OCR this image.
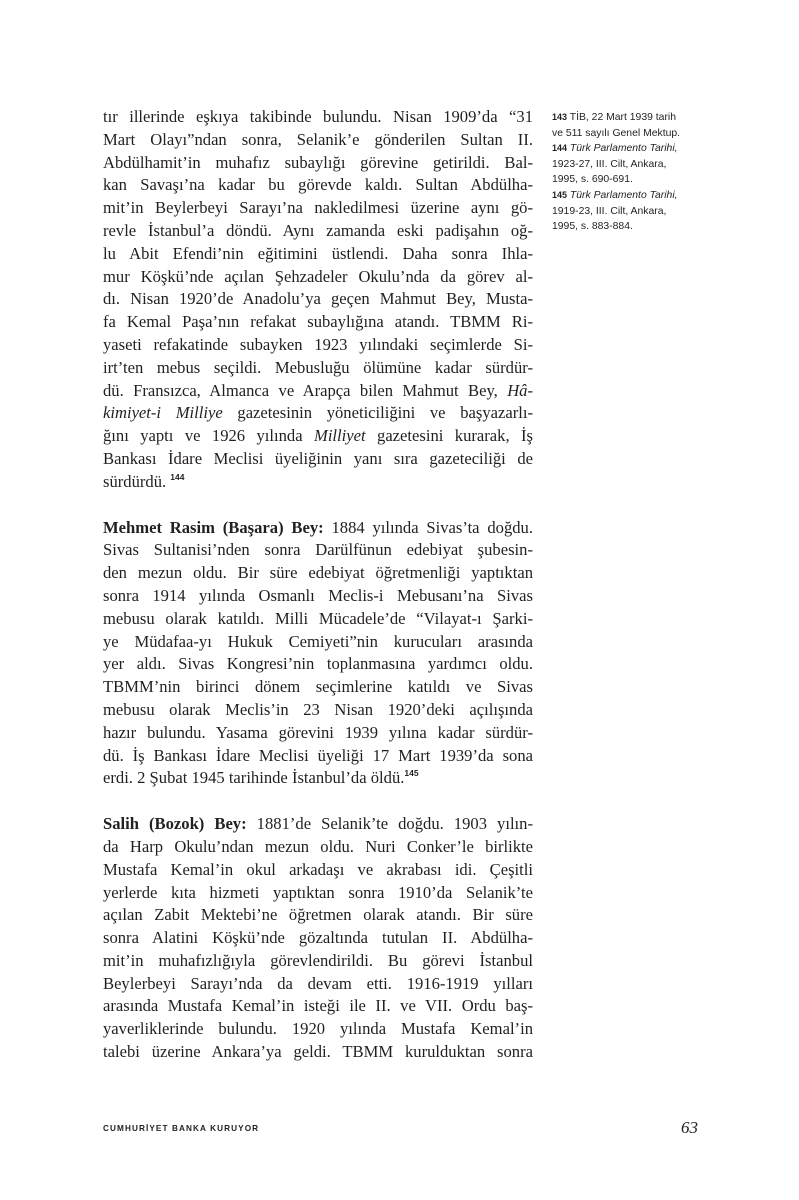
tır illerinde eşkıya takibinde bulundu. Nisan 1909’da “31
Mart Olayı”ndan sonra, Selanik’e gönderilen Sultan II.
Abdülhamit’in muhafız subaylığı görevine getirildi. Bal-
kan Savaşı’na kadar bu görevde kaldı. Sultan Abdülha-
mit’in Beylerbeyi Sarayı’na nakledilmesi üzerine aynı gö-
revle İstanbul’a döndü. Aynı zamanda eski padişahın oğ-
lu Abit Efendi’nin eğitimini üstlendi. Daha sonra Ihla-
mur Köşkü’nde açılan Şehzadeler Okulu’nda da görev al-
dı. Nisan 1920’de Anadolu’ya geçen Mahmut Bey, Musta-
fa Kemal Paşa’nın refakat subaylığına atandı. TBMM Ri-
yaseti refakatinde subayken 1923 yılındaki seçimlerde Si-
irt’ten mebus seçildi. Mebusluğu ölümüne kadar sürdür-
dü. Fransızca, Almanca ve Arapça bilen Mahmut Bey, Hâ-
kimiyet-i Milliye gazetesinin yöneticiliğini ve başyazarlı-
ğını yaptı ve 1926 yılında Milliyet gazetesini kurarak, İş
Bankası İdare Meclisi üyeliğinin yanı sıra gazeteciliği de
sürdürdü. $^{144}$

Mehmet Rasim (Başara) Bey: 1884 yılında Sivas’ta doğdu.
Sivas Sultanisi’nden sonra Darülfünun edebiyat şubesin-
den mezun oldu. Bir süre edebiyat öğretmenliği yaptıktan
sonra 1914 yılında Osmanlı Meclis-i Mebusanı’na Sivas
mebusu olarak katıldı. Milli Mücadele’de “Vilayat-ı Şarki-
ye Müdafaa-yı Hukuk Cemiyeti”nin kurucuları arasında
yer aldı. Sivas Kongresi’nin toplanmasına yardımcı oldu.
TBMM’nin birinci dönem seçimlerine katıldı ve Sivas
mebusu olarak Meclis’in 23 Nisan 1920’deki açılışında
hazır bulundu. Yasama görevini 1939 yılına kadar sürdür-
dü. İş Bankası İdare Meclisi üyeliği 17 Mart 1939’da sona
erdi. 2 Şubat 1945 tarihinde İstanbul’da öldü.$^{145}$

Salih (Bozok) Bey: 1881’de Selanik’te doğdu. 1903 yılın-
da Harp Okulu’ndan mezun oldu. Nuri Conker’le birlikte
Mustafa Kemal’in okul arkadaşı ve akrabası idi. Çeşitli
yerlerde kıta hizmeti yaptıktan sonra 1910’da Selanik’te
açılan Zabit Mektebi’ne öğretmen olarak atandı. Bir süre
sonra Alatini Köşkü’nde gözaltında tutulan II. Abdülha-
mit’in muhafızlığıyla görevlendirildi. Bu görevi İstanbul
Beylerbeyi Sarayı’nda da devam etti. 1916-1919 yılları
arasında Mustafa Kemal’in isteği ile II. ve VII. Ordu baş-
yaverliklerinde bulundu. 1920 yılında Mustafa Kemal’in
talebi üzerine Ankara’ya geldi. TBMM kurulduktan sonra

143 TİB, 22 Mart 1939 tarih
ve 511 sayılı Genel Mektup.
144 Türk Parlamento Tarihi,
1923-27, III. Cilt, Ankara,
1995, s. 690-691.
145 Türk Parlamento Tarihi,
1919-23, III. Cilt, Ankara,
1995, s. 883-884.
CUMHURİYET BANKA KURUYOR	63
